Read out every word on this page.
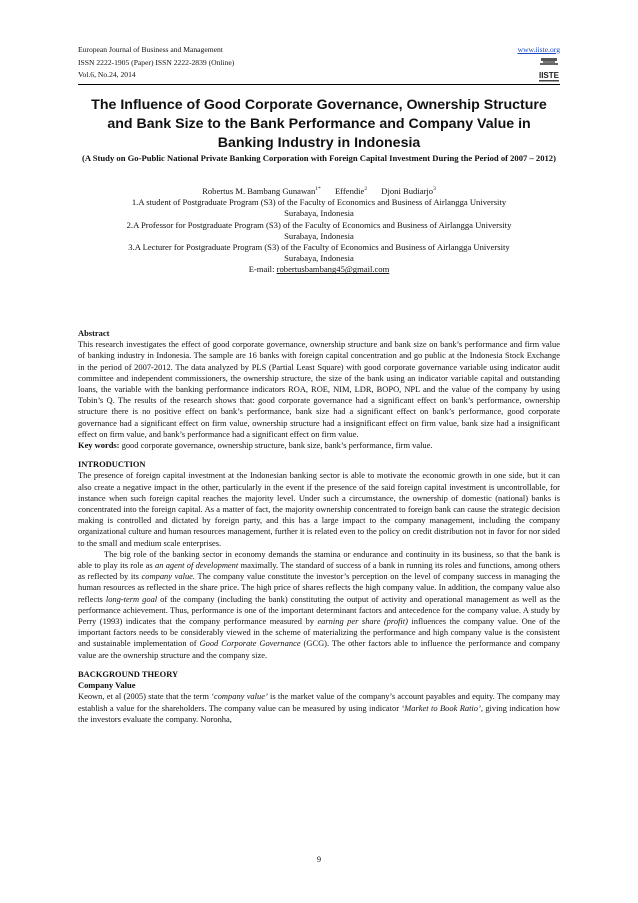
European Journal of Business and Management
ISSN 2222-1905 (Paper) ISSN 2222-2839 (Online)
Vol.6, No.24, 2014
www.iiste.org
IISTE
The Influence of Good Corporate Governance, Ownership Structure and Bank Size to the Bank Performance and Company Value in Banking Industry in Indonesia
(A Study on Go-Public National Private Banking Corporation with Foreign Capital Investment During the Period of 2007 – 2012)
Robertus M. Bambang Gunawan$^{1*}$ Effendie$^2$ Djoni Budiarjo$^3$
1.A student of Postgraduate Program (S3) of the Faculty of Economics and Business of Airlangga University
Surabaya, Indonesia
2.A Professor for Postgraduate Program (S3) of the Faculty of Economics and Business of Airlangga University
Surabaya, Indonesia
3.A Lecturer for Postgraduate Program (S3) of the Faculty of Economics and Business of Airlangga University
Surabaya, Indonesia
E-mail: robertusbambang45@gmail.com
Abstract

This research investigates the effect of good corporate governance, ownership structure and bank size on bank’s performance and firm value of banking industry in Indonesia. The sample are 16 banks with foreign capital concentration and go public at the Indonesia Stock Exchange in the period of 2007-2012. The data analyzed by PLS (Partial Least Square) with good corporate governance variable using indicator audit committee and independent commissioners, the ownership structure, the size of the bank using an indicator variable capital and outstanding loans, the variable with the banking performance indicators ROA, ROE, NIM, LDR, BOPO, NPL and the value of the company by using Tobin’s Q. The results of the research shows that: good corporate governance had a significant effect on bank’s performance, ownership structure there is no positive effect on bank’s performance, bank size had a significant effect on bank’s performance, good corporate governance had a significant effect on firm value, ownership structure had a insignificant effect on firm value, bank size had a insignificant effect on firm value, and bank’s performance had a significant effect on firm value.

Key words: good corporate governance, ownership structure, bank size, bank’s performance, firm value.

INTRODUCTION

The presence of foreign capital investment at the Indonesian banking sector is able to motivate the economic growth in one side, but it can also create a negative impact in the other, particularly in the event if the presence of the said foreign capital investment is uncontrollable, for instance when such foreign capital reaches the majority level. Under such a circumstance, the ownership of domestic (national) banks is concentrated into the foreign capital. As a matter of fact, the majority ownership concentrated to foreign bank can cause the strategic decision making is controlled and dictated by foreign party, and this has a large impact to the company management, including the company organizational culture and human resources management, further it is related even to the policy on credit distribution not in favor for nor sided to the small and medium scale enterprises.

The big role of the banking sector in economy demands the stamina or endurance and continuity in its business, so that the bank is able to play its role as an agent of development maximally. The standard of success of a bank in running its roles and functions, among others as reflected by its company value. The company value constitute the investor’s perception on the level of company success in managing the human resources as reflected in the share price. The high price of shares reflects the high company value. In addition, the company value also reflects long-term goal of the company (including the bank) constituting the output of activity and operational management as well as the performance achievement. Thus, performance is one of the important determinant factors and antecedence for the company value. A study by Perry (1993) indicates that the company performance measured by earning per share (profit) influences the company value. One of the important factors needs to be considerably viewed in the scheme of materializing the performance and high company value is the consistent and sustainable implementation of Good Corporate Governance (GCG). The other factors able to influence the performance and company value are the ownership structure and the company size.

BACKGROUND THEORY
Company Value

Keown, et al (2005) state that the term ‘company value’ is the market value of the company’s account payables and equity. The company may establish a value for the shareholders. The company value can be measured by using indicator ‘Market to Book Ratio’, giving indication how the investors evaluate the company. Noronha,

9
